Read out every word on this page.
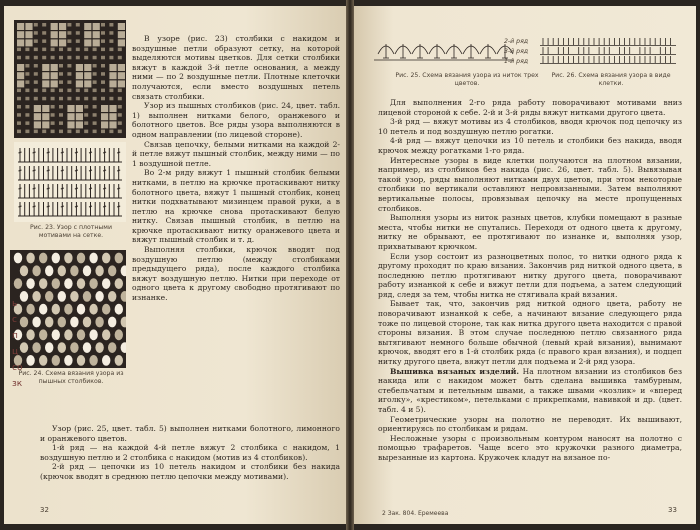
Рис. 23. Узор с плотными мотивами на сетке.
Рис. 24. Схема вязания узора из пышных столбиков.
ь
с
п
ц
со
зк

В узоре (рис. 23) столбики с накидом и воздушные петли образуют сетку, на которой выделяются мотивы цветков. Для сетки столбики вяжут в каждой 3-й петле основания, а между ними — по 2 воздушные петли. Плотные клеточки получаются, если вместо воздушных петель связать столбики.

Узор из пышных столбиков (рис. 24, цвет. табл. 1) выполнен нитками белого, оранжевого и болотного цветов. Все ряды узора выполняются в одном направлении (по лицевой стороне).

Связав цепочку, белыми нитками на каждой 2-й петле вяжут пышный столбик, между ними — по 1 воздушной петле.

Во 2-м ряду вяжут 1 пышный столбик белыми нитками, в петлю на крючке протаскивают нитку болотного цвета, вяжут 1 пышный столбик, конец нитки подхватывают мизинцем правой руки, а в петлю на крючке снова протаскивают белую нитку. Связав пышный столбик, в петлю на крючке протаскивают нитку оранжевого цвета и вяжут пышный столбик и т. д.

Выполняя столбики, крючок вводят под воздушную петлю (между столбиками предыдущего ряда), после каждого столбика вяжут воздушную петлю. Нитки при переходе от одного цвета к другому свободно протягивают по изнанке.

Узор (рис. 25, цвет. табл. 5) выполнен нитками болотного, лимонного и оранжевого цветов.

1-й ряд — на каждой 4-й петле вяжут 2 столбика с накидом, 1 воздушную петлю и 2 столбика с накидом (мотив из 4 столбиков).

2-й ряд — цепочки из 10 петель накидом и столбики без накида (крючок вводят в среднюю петлю цепочки между мотивами).

32
2-й ряд
3-й ряд
1-й ряд
Рис. 25. Схема вязания узора из ниток трех цветов.
Рис. 26. Схема вязания узора в виде клетки.

Для выполнения 2-го ряда работу поворачивают мотивами вниз лицевой стороной к себе. 2-й и 3-й ряды вяжут нитками другого цвета.

3-й ряд — вяжут мотивы из 4 столбиков, вводя крючок под цепочку из 10 петель и под воздушную петлю рогатки.

4-й ряд — вяжут цепочки из 10 петель и столбики без накида, вводя крючок между рогатками 1-го ряда.

Интересные узоры в виде клетки получаются на плотном вязании, например, из столбиков без накида (рис. 26, цвет. табл. 5). Вывязывая такой узор, ряды выполняют нитками двух цветов, при этом некоторые столбики по вертикали оставляют непровязанными. Затем выполняют вертикальные полосы, провязывая цепочку на месте пропущенных столбиков.

Выполняя узоры из ниток разных цветов, клубки помещают в разные места, чтобы нитки не спутались. Переходя от одного цвета к другому, нитку не обрывают, ее протягивают по изнанке и, выполняя узор, прихватывают крючком.

Если узор состоит из разноцветных полос, то нитки одного ряда к другому проходят по краю вязания. Закончив ряд ниткой одного цвета, в последнюю петлю протягивают нитку другого цвета, поворачивают работу изнанкой к себе и вяжут петли для подъема, а затем следующий ряд, следя за тем, чтобы нитка не стягивала край вязания.

Бывает так, что, закончив ряд ниткой одного цвета, работу не поворачивают изнанкой к себе, а начинают вязание следующего ряда тоже по лицевой стороне, так как нитка другого цвета находится с правой стороны вязания. В этом случае последнюю петлю связанного ряда вытягивают немного больше обычной (левый край вязания), вынимают крючок, вводят его в 1-й столбик ряда (с правого края вязания), и подцеп нитку другого цвета, вяжут петли для подъема и 2-й ряд узора.

Вышивка вязаных изделий. На плотном вязании из столбиков без накида или с накидом может быть сделана вышивка тамбурным, стебельчатым и петельным швами, а также швами «козлик» и «вперед иголку», «крестиком», петельками с прикрепками, навивкой и др. (цвет. табл. 4 и 5).

Геометрические узоры на полотно не переводят. Их вышивают, ориентируясь по столбикам и рядам.

Несложные узоры с произвольным контуром наносят на полотно с помощью трафаретов. Чаще всего это кружочки разного диаметра, вырезанные из картона. Кружочек кладут на вязаное по-

2 Зак. 804. Еремеева	33
